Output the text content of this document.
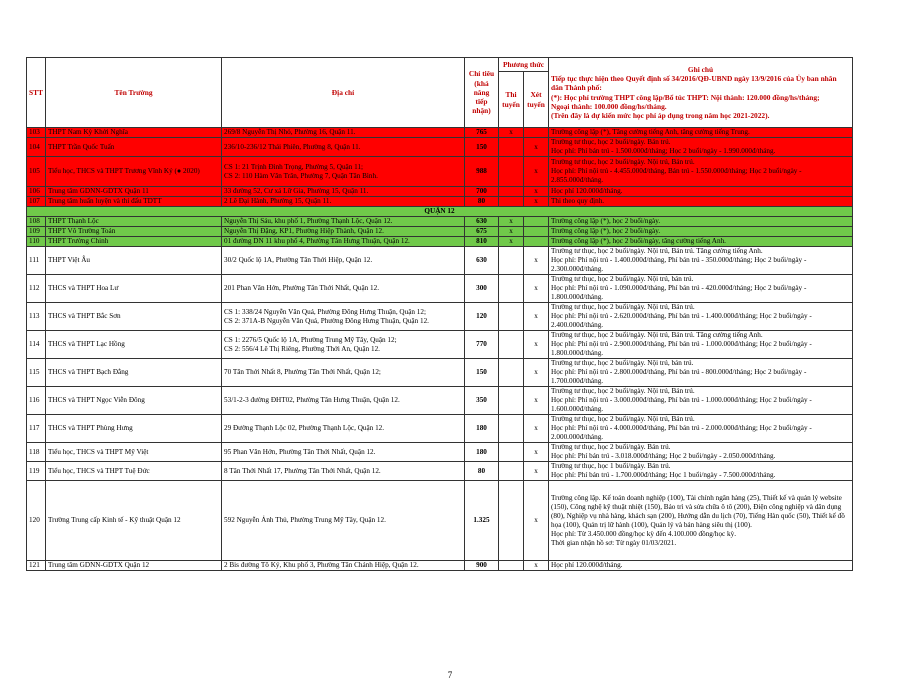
STT	Tên Trường	Địa chỉ	Chỉ tiêu (khả năng tiếp nhận)	Phương thức		Ghi chú
Tiếp tục thực hiện theo Quyết định số 34/2016/QĐ-UBND ngày 13/9/2016 của Ủy ban nhân dân Thành phố:
(*): Học phí trường THPT công lập/Bổ túc THPT: Nội thành: 120.000 đồng/hs/tháng;
Ngoại thành: 100.000 đồng/hs/tháng.
(Trên đây là dự kiến mức học phí áp dụng trong năm học 2021-2022).
				Thi tuyển	Xét tuyển	
103	THPT Nam Kỳ Khởi Nghĩa	269/8 Nguyễn Thị Nhỏ, Phường 16, Quận 11.	765	x		Trường công lập (*), Tăng cường tiếng Anh, tăng cường tiếng Trung.
104	THPT Trần Quốc Tuấn	236/10-236/12 Thái Phiên, Phường 8, Quận 11.	150		x	Trường tư thục, học 2 buổi/ngày. Bán trú.
Học phí: Phí bán trú - 1.500.000đ/tháng; Học 2 buổi/ngày - 1.990.000đ/tháng.
105	Tiểu học, THCS và THPT Trương Vĩnh Ký (● 2020)	CS 1: 21 Trịnh Đình Trọng, Phường 5, Quận 11;
CS 2: 110 Hàm Văn Trân, Phường 7, Quận Tân Bình.	988		x	Trường tư thục, học 2 buổi/ngày. Nội trú, Bán trú.
Học phí: Phí nội trú - 4.455.000đ/tháng, Bán trú - 1.550.000đ/tháng; Học 2 buổi/ngày - 2.855.000đ/tháng.
106	Trung tâm GDNN-GDTX Quận 11	33 đường 52, Cư xá Lữ Gia, Phường 15, Quận 11.	700		x	Học phí 120.000đ/tháng.
107	Trung tâm huấn luyện và thi đấu TDTT	2 Lê Đại Hành, Phường 15, Quận 11.	80		x	Thi theo quy định.
QUẬN 12						
108	THPT Thạnh Lộc	Nguyễn Thị Sáu, khu phố 1, Phường Thạnh Lộc, Quận 12.	630	x		Trường công lập (*), học 2 buổi/ngày.
109	THPT Võ Trường Toản	Nguyễn Thị Đặng, KP1, Phường Hiệp Thành, Quận 12.	675	x		Trường công lập (*), học 2 buổi/ngày.
110	THPT Trường Chinh	01 đường DN 11 khu phố 4, Phường Tân Hưng Thuận, Quận 12.	810	x		Trường công lập (*), học 2 buổi/ngày, tăng cường tiếng Anh.
111	THPT Việt Âu	30/2 Quốc lộ 1A, Phường Tân Thới Hiệp, Quận 12.	630		x	Trường tư thục, học 2 buổi/ngày. Nội trú, Bán trú. Tăng cường tiếng Anh.
Học phí: Phí nội trú - 1.400.000đ/tháng, Phí bán trú - 350.000đ/tháng; Học 2 buổi/ngày - 2.300.000đ/tháng.
112	THCS và THPT Hoa Lư	201 Phan Văn Hớn, Phường Tân Thới Nhất, Quận 12.	300		x	Trường tư thục, học 2 buổi/ngày. Nội trú, bán trú.
Học phí: Phí nội trú - 1.090.000đ/tháng, Phí bán trú - 420.000đ/tháng; Học 2 buổi/ngày - 1.800.000đ/tháng.
113	THCS và THPT Bắc Sơn	CS 1: 338/24 Nguyễn Văn Quá, Phường Đông Hưng Thuận, Quận 12;
CS 2: 371A-B Nguyễn Văn Quá, Phường Đông Hưng Thuận, Quận 12.	120		x	Trường tư thục, học 2 buổi/ngày. Nội trú, Bán trú.
Học phí: Phí nội trú - 2.620.000đ/tháng, Phí bán trú - 1.400.000đ/tháng; Học 2 buổi/ngày - 2.400.000đ/tháng.
114	THCS và THPT Lạc Hồng	CS 1: 2276/5 Quốc lộ 1A, Phường Trung Mỹ Tây, Quận 12;
CS 2: 556/4 Lê Thị Riêng, Phường Thới An, Quận 12.	770		x	Trường tư thục, học 2 buổi/ngày. Nội trú, Bán trú. Tăng cường tiếng Anh.
Học phí: Phí nội trú - 2.900.000đ/tháng, Phí bán trú - 1.000.000đ/tháng; Học 2 buổi/ngày - 1.800.000đ/tháng.
115	THCS và THPT Bạch Đằng	70 Tân Thới Nhất 8, Phường Tân Thới Nhất, Quận 12;	150		x	Trường tư thục, học 2 buổi/ngày. Nội trú, bán trú.
Học phí: Phí nội trú - 2.800.000đ/tháng, Phí bán trú - 800.000đ/tháng; Học 2 buổi/ngày - 1.700.000đ/tháng.
116	THCS và THPT Ngọc Viễn Đông	53/1-2-3 đường ĐHT02, Phường Tân Hưng Thuận, Quận 12.	350		x	Trường tư thục, học 2 buổi/ngày. Nội trú, Bán trú.
Học phí: Phí nội trú - 3.000.000đ/tháng, Phí bán trú - 1.000.000đ/tháng; Học 2 buổi/ngày - 1.600.000đ/tháng.
117	THCS và THPT Phùng Hưng	29 Đường Thạnh Lộc 02, Phường Thạnh Lộc, Quận 12.	180		x	Trường tư thục, học 2 buổi/ngày. Nội trú, Bán trú.
Học phí: Phí nội trú - 4.000.000đ/tháng, Phí bán trú - 2.000.000đ/tháng; Học 2 buổi/ngày - 2.000.000đ/tháng.
118	Tiểu học, THCS và THPT Mỹ Việt	95 Phan Văn Hớn, Phường Tân Thới Nhất, Quận 12.	180		x	Trường tư thục, học 2 buổi/ngày. Bán trú.
Học phí: Phí bán trú - 3.018.000đ/tháng; Học 2 buổi/ngày - 2.050.000đ/tháng.
119	Tiểu học, THCS và THPT Tuệ Đức	8 Tân Thới Nhất 17, Phường Tân Thới Nhất, Quận 12.	80		x	Trường tư thục, học 1 buổi/ngày. Bán trú.
Học phí: Phí bán trú - 1.700.000đ/tháng; Học 1 buổi/ngày - 7.500.000đ/tháng.
120	Trường Trung cấp Kinh tế - Kỹ thuật Quận 12	592 Nguyễn Ảnh Thủ, Phường Trung Mỹ Tây, Quận 12.	1.325		x	Trường công lập. Kế toán doanh nghiệp (100), Tài chính ngân hàng (25), Thiết kế và quản lý website (150), Công nghệ kỹ thuật nhiệt (150), Bảo trì và sửa chữa ô tô (200), Điện công nghiệp và dân dụng (80), Nghiệp vụ nhà hàng, khách sạn (200), Hướng dẫn du lịch (70), Tiếng Hàn quốc (50), Thiết kế đồ họa (100), Quản trị lữ hành (100), Quản lý và bán hàng siêu thị (100).
Học phí: Từ 3.450.000 đồng/học kỳ đến 4.100.000 đồng/học kỳ.
Thời gian nhận hồ sơ: Từ ngày 01/03/2021.
121	Trung tâm GDNN-GDTX Quận 12	2 Bis đường Tô Ký, Khu phố 3, Phường Tân Chánh Hiệp, Quận 12.	900		x	Học phí 120.000đ/tháng.
7
